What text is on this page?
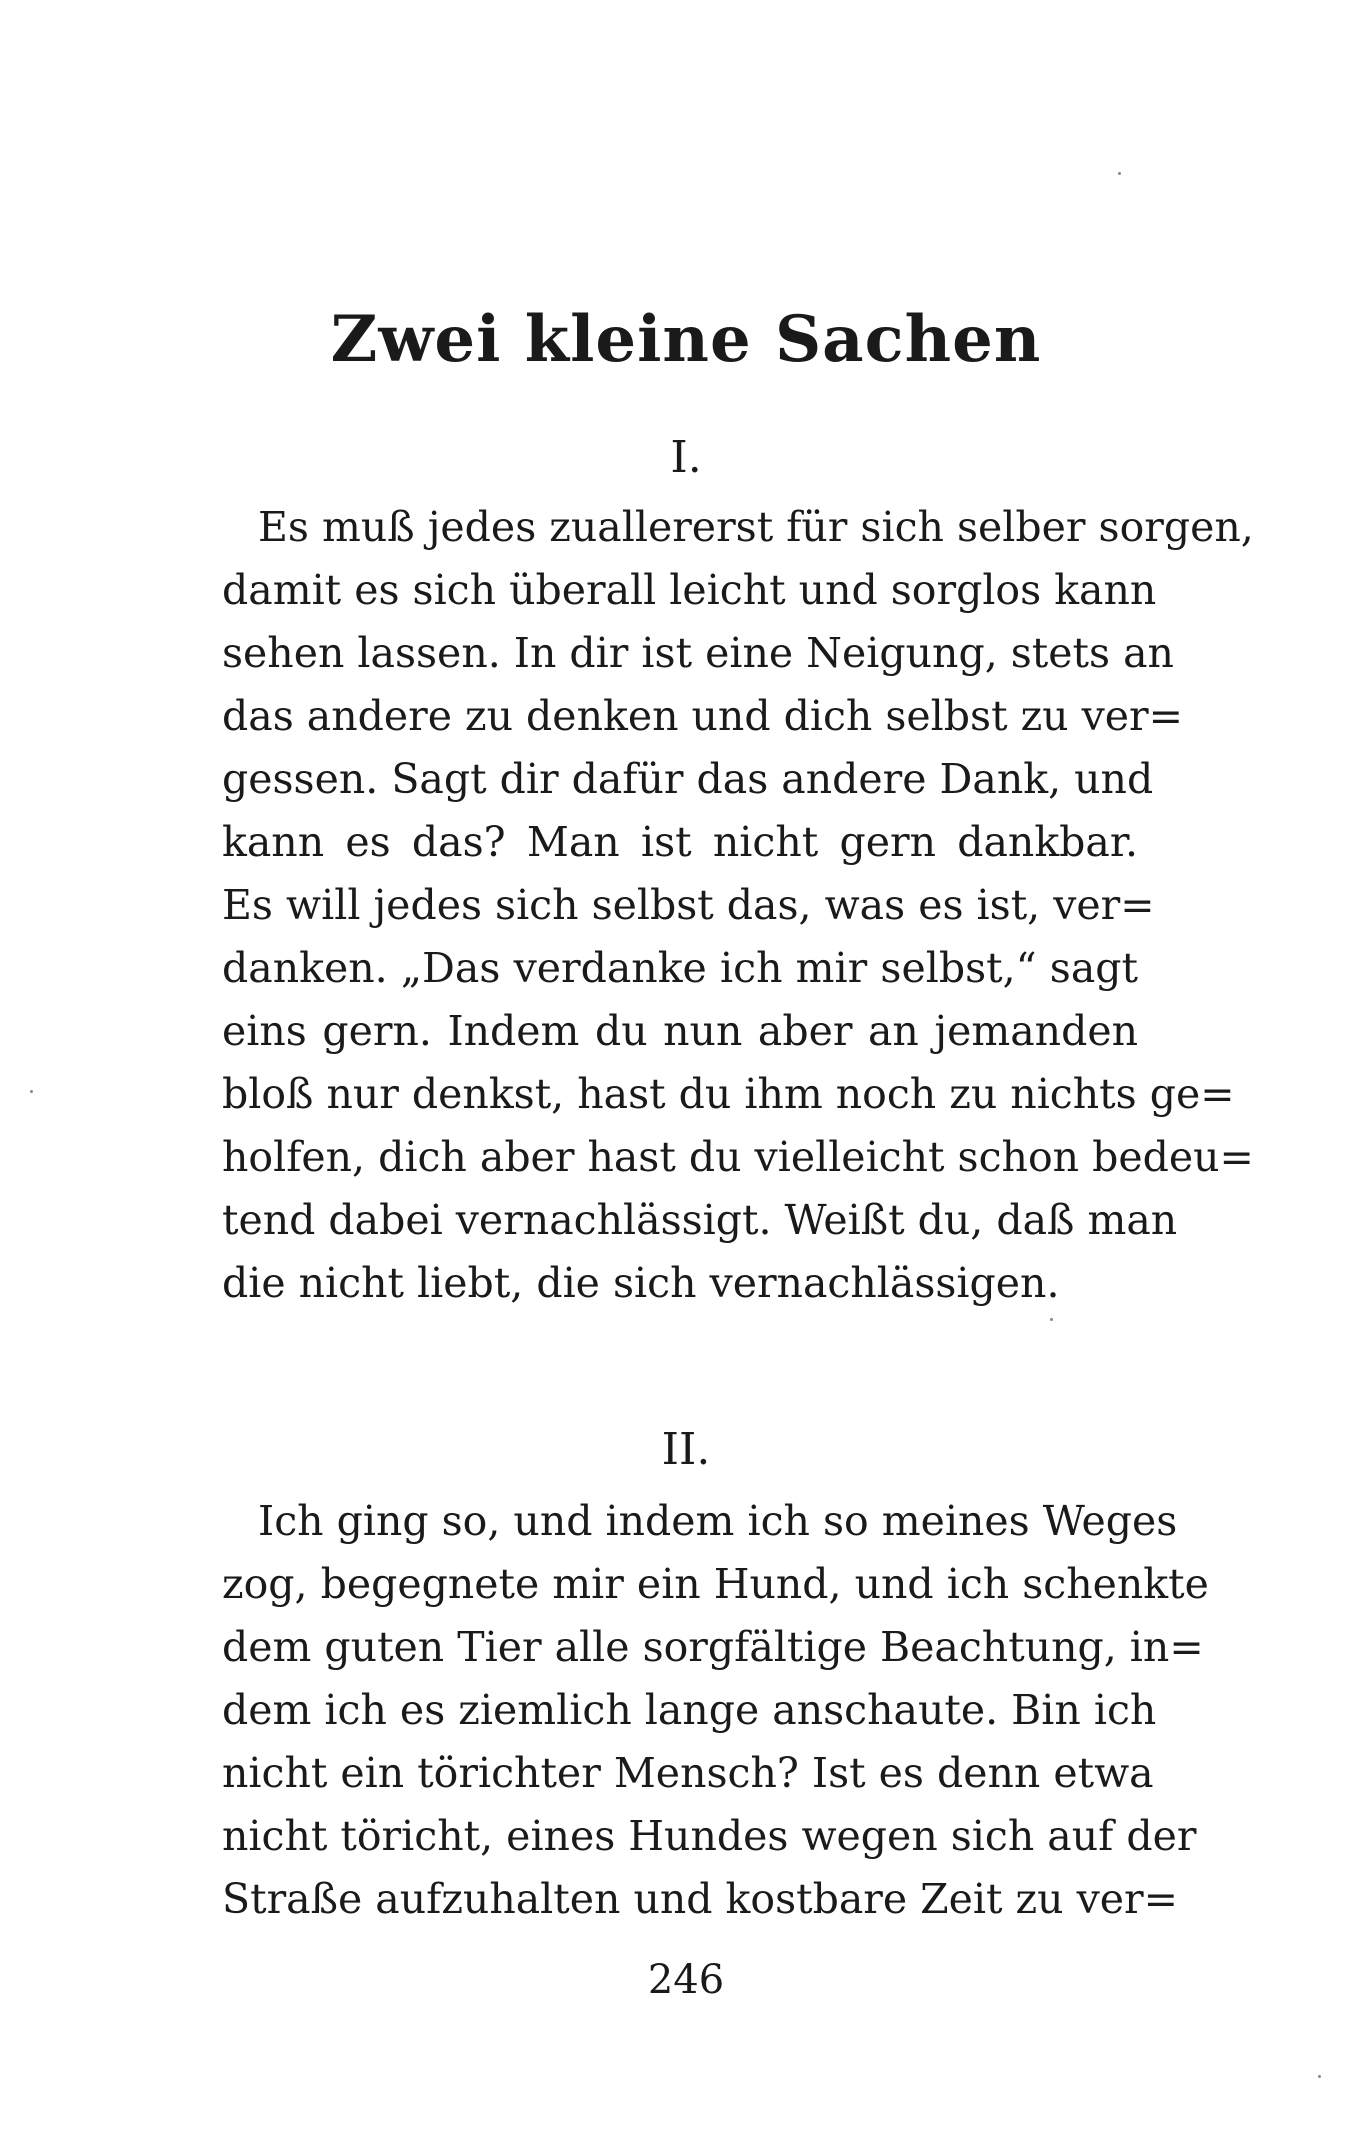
Zwei kleine Sachen
I.
Es muß jedes zuallererst für sich selber sorgen,
damit es sich überall leicht und sorglos kann
sehen lassen. In dir ist eine Neigung, stets an
das andere zu denken und dich selbst zu ver=
gessen. Sagt dir dafür das andere Dank, und
kann es das? Man ist nicht gern dankbar.
Es will jedes sich selbst das, was es ist, ver=
danken. „Das verdanke ich mir selbst,“ sagt
eins gern. Indem du nun aber an jemanden
bloß nur denkst, hast du ihm noch zu nichts ge=
holfen, dich aber hast du vielleicht schon bedeu=
tend dabei vernachlässigt. Weißt du, daß man
die nicht liebt, die sich vernachlässigen.
II.
Ich ging so, und indem ich so meines Weges
zog, begegnete mir ein Hund, und ich schenkte
dem guten Tier alle sorgfältige Beachtung, in=
dem ich es ziemlich lange anschaute. Bin ich
nicht ein törichter Mensch? Ist es denn etwa
nicht töricht, eines Hundes wegen sich auf der
Straße aufzuhalten und kostbare Zeit zu ver=
246
